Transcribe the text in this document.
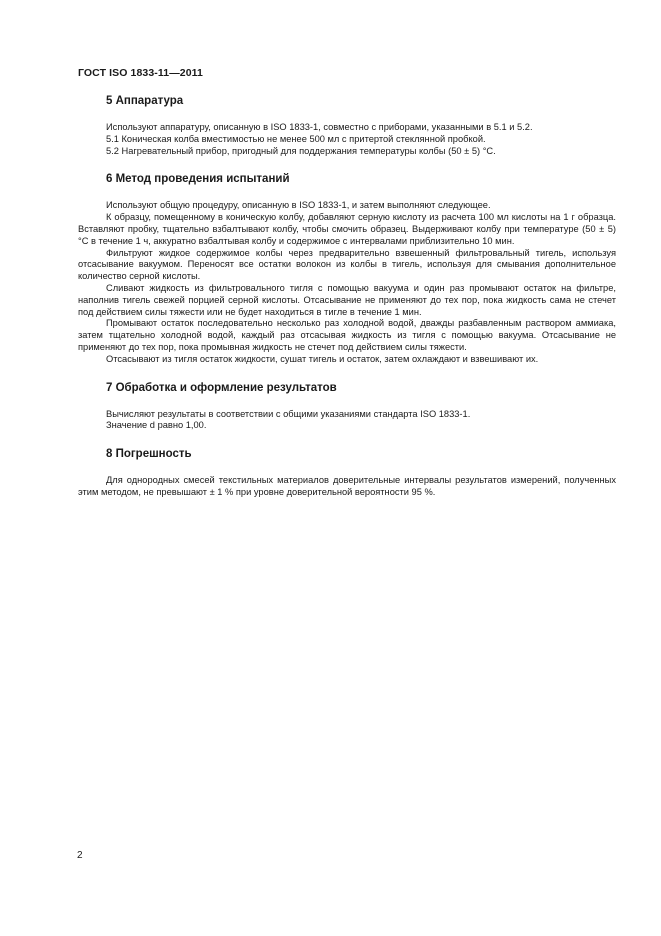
ГОСТ ISO 1833-11—2011
5 Аппаратура

Используют аппаратуру, описанную в ISO 1833-1, совместно с приборами, указанными в 5.1 и 5.2.

5.1 Коническая колба вместимостью не менее 500 мл с притертой стеклянной пробкой.

5.2 Нагревательный прибор, пригодный для поддержания температуры колбы (50 ± 5) °С.

6 Метод проведения испытаний

Используют общую процедуру, описанную в ISO 1833-1, и затем выполняют следующее.

К образцу, помещенному в коническую колбу, добавляют серную кислоту из расчета 100 мл кислоты на 1 г образца. Вставляют пробку, тщательно взбалтывают колбу, чтобы смочить образец. Выдерживают колбу при температуре (50 ± 5) °С в течение 1 ч, аккуратно взбалтывая колбу и содержимое с интервалами приблизительно 10 мин.

Фильтруют жидкое содержимое колбы через предварительно взвешенный фильтровальный тигель, используя отсасывание вакуумом. Переносят все остатки волокон из колбы в тигель, используя для смывания дополнительное количество серной кислоты.

Сливают жидкость из фильтровального тигля с помощью вакуума и один раз промывают остаток на фильтре, наполнив тигель свежей порцией серной кислоты. Отсасывание не применяют до тех пор, пока жидкость сама не стечет под действием силы тяжести или не будет находиться в тигле в течение 1 мин.

Промывают остаток последовательно несколько раз холодной водой, дважды разбавленным раствором аммиака, затем тщательно холодной водой, каждый раз отсасывая жидкость из тигля с помощью вакуума. Отсасывание не применяют до тех пор, пока промывная жидкость не стечет под действием силы тяжести.

Отсасывают из тигля остаток жидкости, сушат тигель и остаток, затем охлаждают и взвешивают их.

7 Обработка и оформление результатов

Вычисляют результаты в соответствии с общими указаниями стандарта ISO 1833-1.

Значение d равно 1,00.

8 Погрешность

Для однородных смесей текстильных материалов доверительные интервалы результатов измерений, полученных этим методом, не превышают ± 1 % при уровне доверительной вероятности 95 %.

2
